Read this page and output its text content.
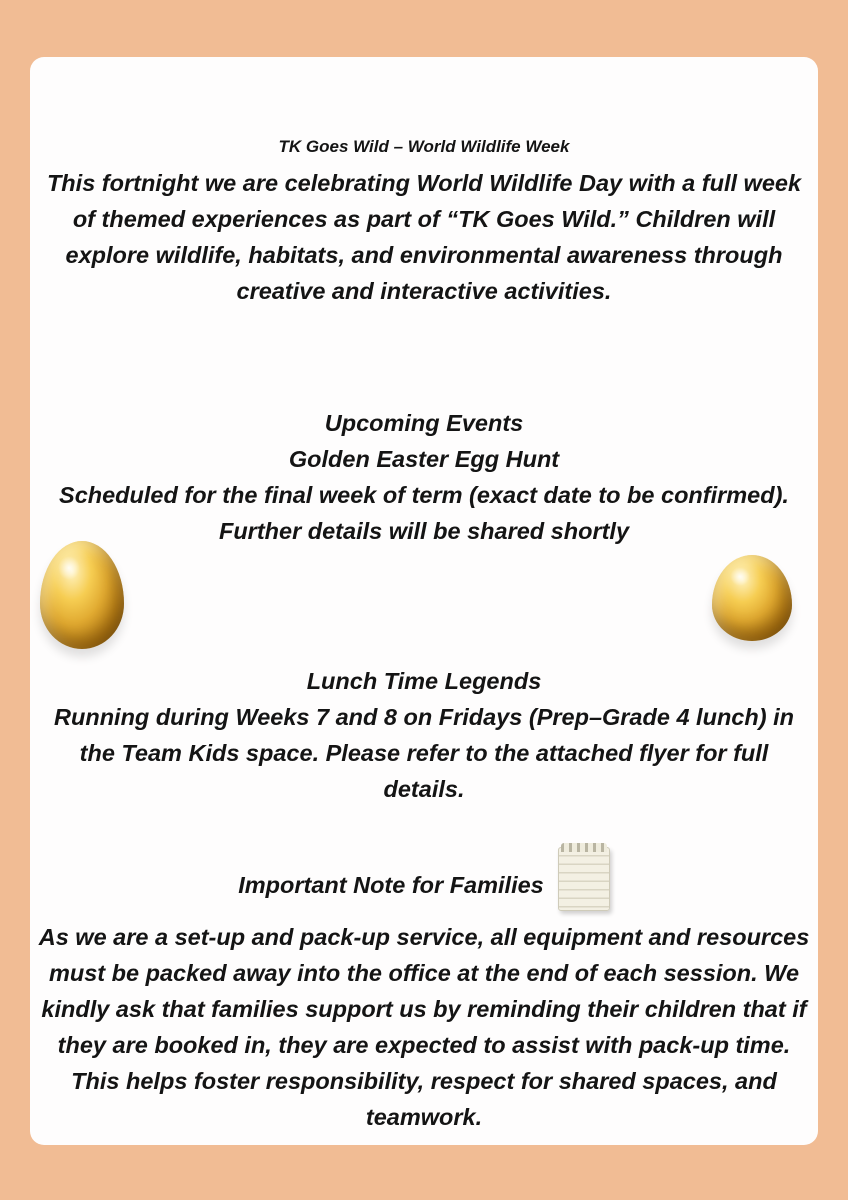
TK Goes Wild – World Wildlife Week
This fortnight we are celebrating World Wildlife Day with a full week of themed experiences as part of “TK Goes Wild.” Children will explore wildlife, habitats, and environmental awareness through creative and interactive activities.
Upcoming Events
Golden Easter Egg Hunt
Scheduled for the final week of term (exact date to be confirmed). Further details will be shared shortly
Lunch Time Legends
Running during Weeks 7 and 8 on Fridays (Prep–Grade 4 lunch) in the Team Kids space. Please refer to the attached flyer for full details.
Important Note for Families
As we are a set-up and pack-up service, all equipment and resources must be packed away into the office at the end of each session. We kindly ask that families support us by reminding their children that if they are booked in, they are expected to assist with pack-up time. This helps foster responsibility, respect for shared spaces, and teamwork.
